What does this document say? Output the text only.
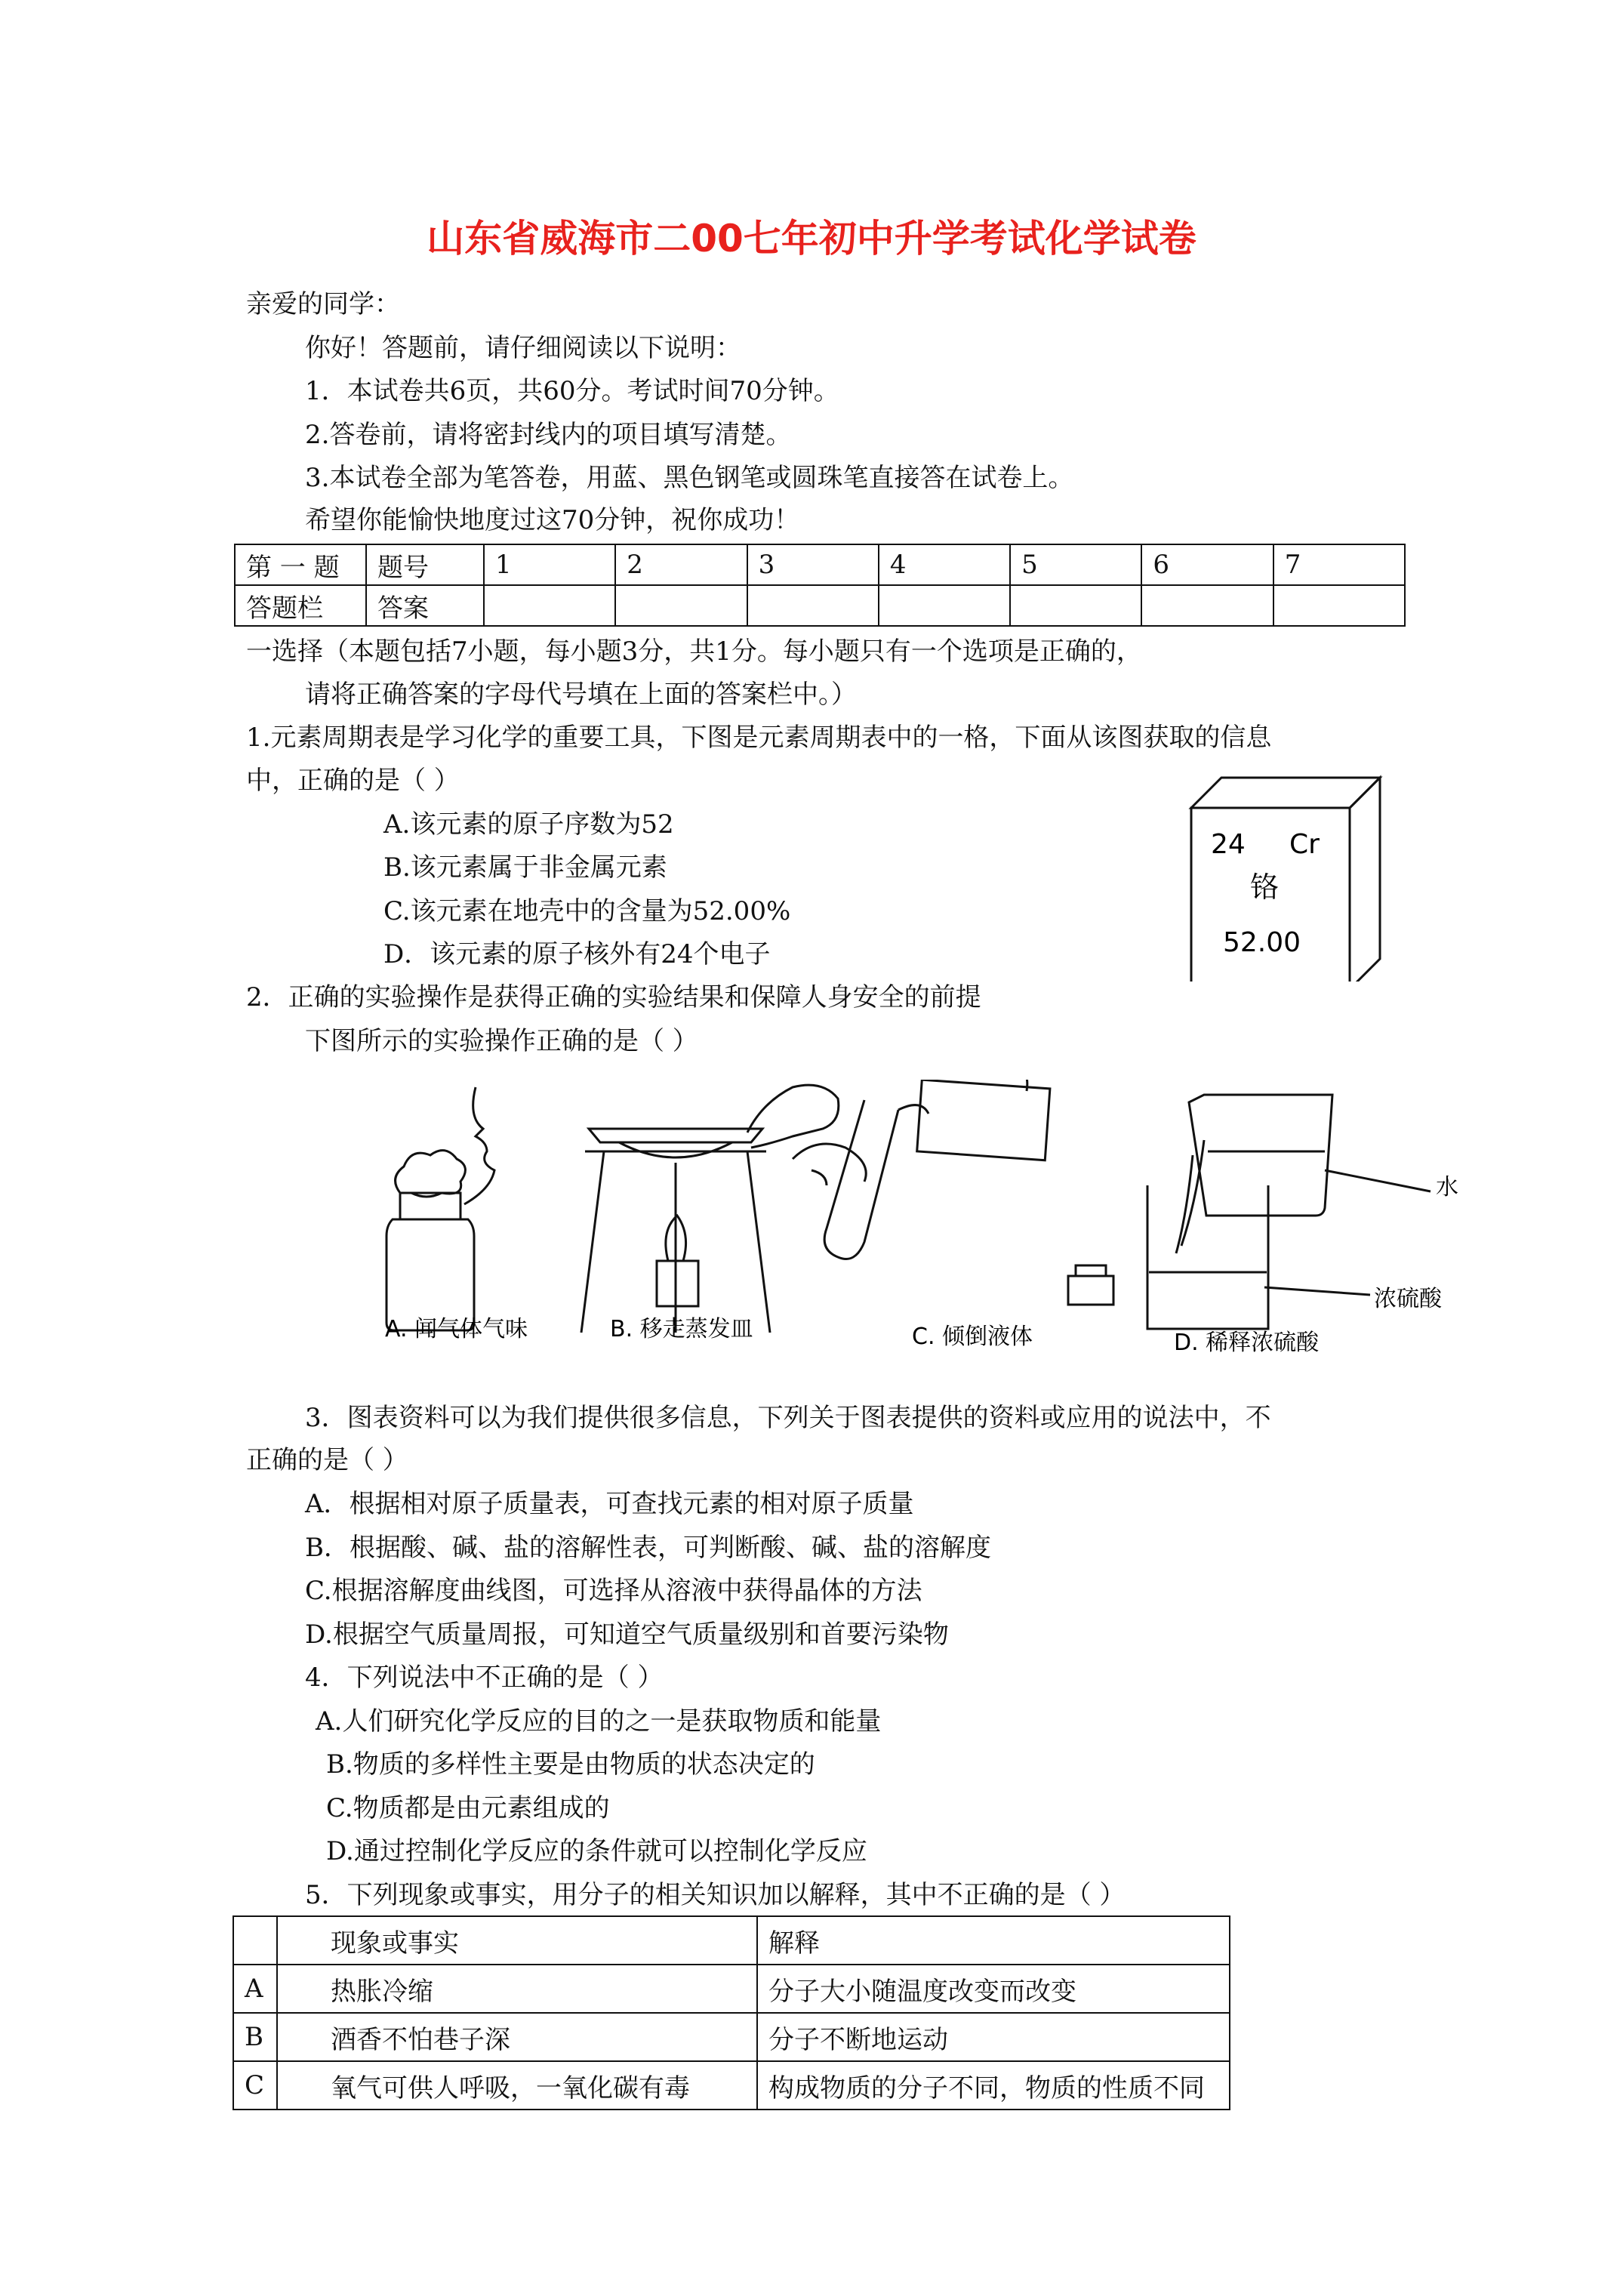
山东省威海市二00七年初中升学考试化学试卷
亲爱的同学：
你好！答题前，请仔细阅读以下说明：
1．本试卷共6页，共60分。考试时间70分钟。
2.答卷前，请将密封线内的项目填写清楚。
3.本试卷全部为笔答卷，用蓝、黑色钢笔或圆珠笔直接答在试卷上。
希望你能愉快地度过这70分钟，祝你成功！
第 一 题	题号	1	2	3	4	5	6	7
答题栏	答案							
一选择（本题包括7小题，每小题3分，共1分。每小题只有一个选项是正确的，
请将正确答案的字母代号填在上面的答案栏中。）
1.元素周期表是学习化学的重要工具，下图是元素周期表中的一格，下面从该图获取的信息
中，正确的是（ ）
A.该元素的原子序数为52
B.该元素属于非金属元素
C.该元素在地壳中的含量为52.00%
D．该元素的原子核外有24个电子
24 Cr
铬
52.00
2．正确的实验操作是获得正确的实验结果和保障人身安全的前提
下图所示的实验操作正确的是（ ）
水
浓硫酸
A. 闻气体气味	B. 移走蒸发皿	C. 倾倒液体	D. 稀释浓硫酸
3．图表资料可以为我们提供很多信息，下列关于图表提供的资料或应用的说法中，不
正确的是（ ）
A．根据相对原子质量表，可查找元素的相对原子质量
B．根据酸、碱、盐的溶解性表，可判断酸、碱、盐的溶解度
C.根据溶解度曲线图，可选择从溶液中获得晶体的方法
D.根据空气质量周报，可知道空气质量级别和首要污染物
4．下列说法中不正确的是（ ）
A.人们研究化学反应的目的之一是获取物质和能量
B.物质的多样性主要是由物质的状态决定的
C.物质都是由元素组成的
D.通过控制化学反应的条件就可以控制化学反应
5．下列现象或事实，用分子的相关知识加以解释，其中不正确的是（ ）
	现象或事实	解释
A	热胀冷缩	分子大小随温度改变而改变
B	酒香不怕巷子深	分子不断地运动
C	氧气可供人呼吸，一氧化碳有毒	构成物质的分子不同，物质的性质不同
